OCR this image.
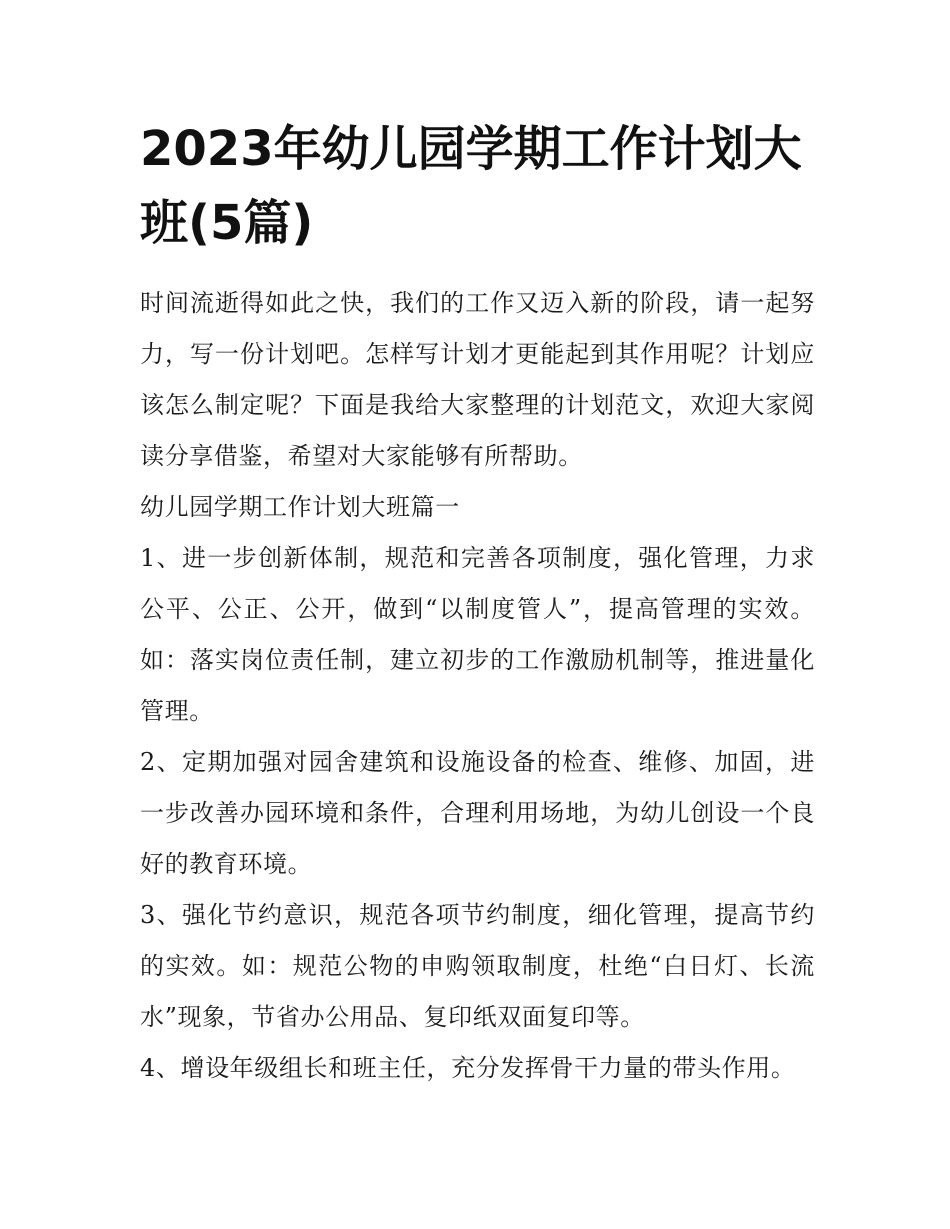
2023年幼儿园学期工作计划大班(5篇)

时间流逝得如此之快，我们的工作又迈入新的阶段，请一起努力，写一份计划吧。怎样写计划才更能起到其作用呢？计划应该怎么制定呢？下面是我给大家整理的计划范文，欢迎大家阅读分享借鉴，希望对大家能够有所帮助。

幼儿园学期工作计划大班篇一

1、进一步创新体制，规范和完善各项制度，强化管理，力求公平、公正、公开，做到“以制度管人”，提高管理的实效。如：落实岗位责任制，建立初步的工作激励机制等，推进量化管理。

2、定期加强对园舍建筑和设施设备的检查、维修、加固，进一步改善办园环境和条件，合理利用场地，为幼儿创设一个良好的教育环境。

3、强化节约意识，规范各项节约制度，细化管理，提高节约的实效。如：规范公物的申购领取制度，杜绝“白日灯、长流水”现象，节省办公用品、复印纸双面复印等。

4、增设年级组长和班主任，充分发挥骨干力量的带头作用。
